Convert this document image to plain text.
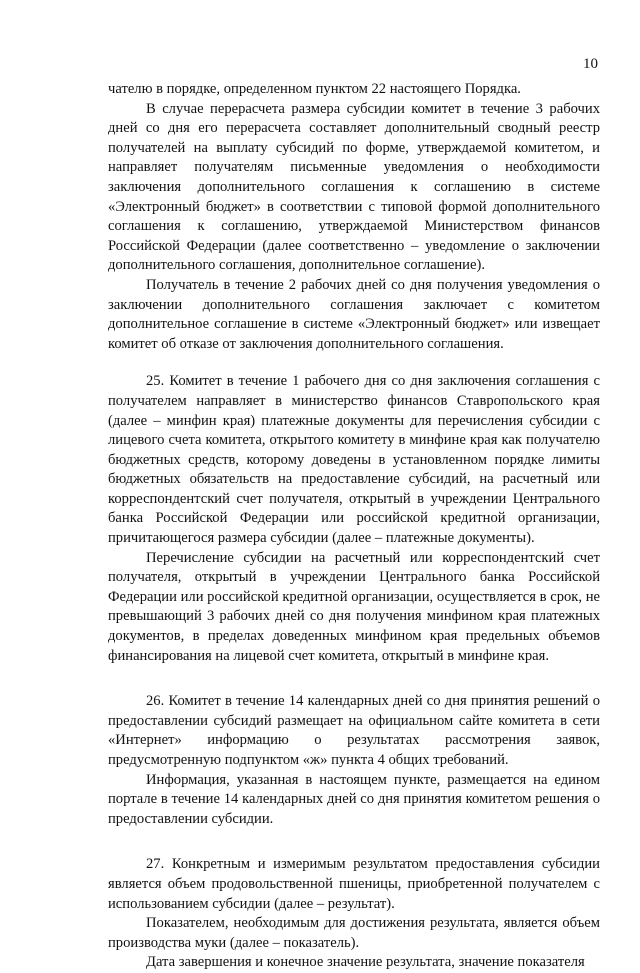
10

чателю в порядке, определенном пунктом 22 настоящего Порядка.

В случае перерасчета размера субсидии комитет в течение 3 рабочих дней со дня его перерасчета составляет дополнительный сводный реестр получателей на выплату субсидий по форме, утверждаемой комитетом, и направляет получателям письменные уведомления о необходимости заключения дополнительного соглашения к соглашению в системе «Электронный бюджет» в соответствии с типовой формой дополнительного соглашения к соглашению, утверждаемой Министерством финансов Российской Федерации (далее соответственно – уведомление о заключении дополнительного соглашения, дополнительное соглашение).

Получатель в течение 2 рабочих дней со дня получения уведомления о заключении дополнительного соглашения заключает с комитетом дополнительное соглашение в системе «Электронный бюджет» или извещает комитет об отказе от заключения дополнительного соглашения.

25. Комитет в течение 1 рабочего дня со дня заключения соглашения с получателем направляет в министерство финансов Ставропольского края (далее – минфин края) платежные документы для перечисления субсидии с лицевого счета комитета, открытого комитету в минфине края как получателю бюджетных средств, которому доведены в установленном порядке лимиты бюджетных обязательств на предоставление субсидий, на расчетный или корреспондентский счет получателя, открытый в учреждении Центрального банка Российской Федерации или российской кредитной организации, причитающегося размера субсидии (далее – платежные документы).

Перечисление субсидии на расчетный или корреспондентский счет получателя, открытый в учреждении Центрального банка Российской Федерации или российской кредитной организации, осуществляется в срок, не превышающий 3 рабочих дней со дня получения минфином края платежных документов, в пределах доведенных минфином края предельных объемов финансирования на лицевой счет комитета, открытый в минфине края.

26. Комитет в течение 14 календарных дней со дня принятия решений о предоставлении субсидий размещает на официальном сайте комитета в сети «Интернет» информацию о результатах рассмотрения заявок, предусмотренную подпунктом «ж» пункта 4 общих требований.

Информация, указанная в настоящем пункте, размещается на едином портале в течение 14 календарных дней со дня принятия комитетом решения о предоставлении субсидии.

27. Конкретным и измеримым результатом предоставления субсидии является объем продовольственной пшеницы, приобретенной получателем с использованием субсидии (далее – результат).

Показателем, необходимым для достижения результата, является объем производства муки (далее – показатель).

Дата завершения и конечное значение результата, значение показателя
